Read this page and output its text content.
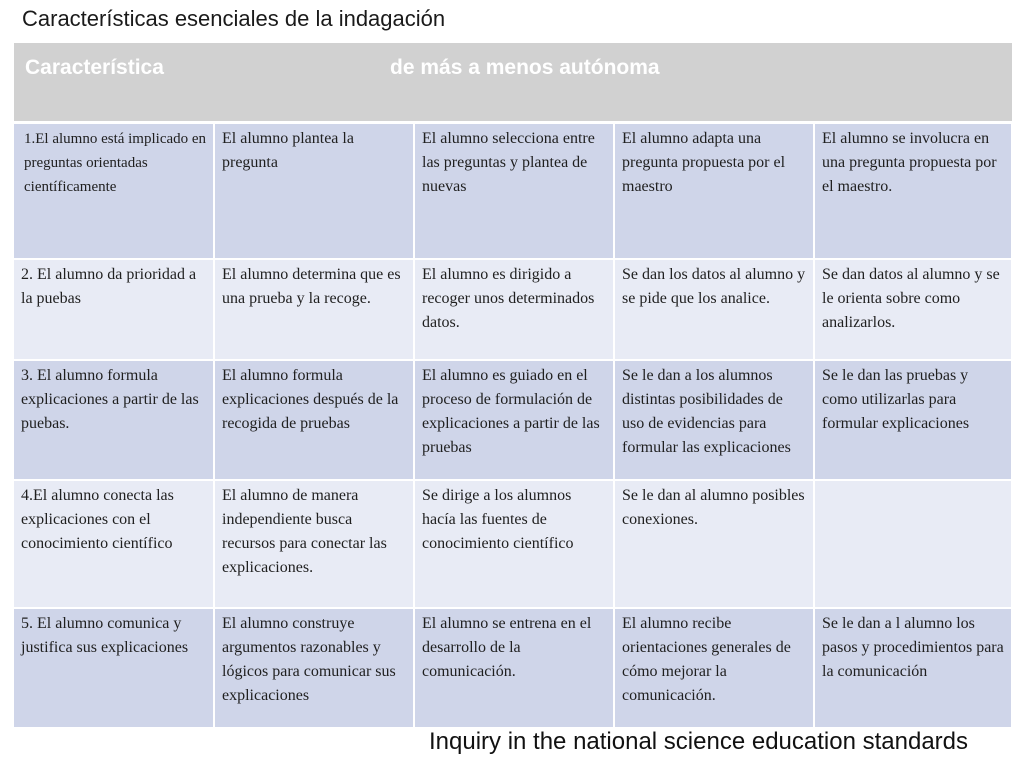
Características esenciales de la indagación
Característica de más a menos autónoma				

1.El alumno está implicado en preguntas orientadas científicamente	El alumno plantea la pregunta	El alumno selecciona entre las preguntas y plantea de nuevas	El alumno adapta una pregunta propuesta por el maestro	El alumno se involucra en una pregunta propuesta por el maestro.
2. El alumno da prioridad a la puebas	El alumno determina que es una prueba y la recoge.	El alumno es dirigido a recoger unos determinados datos.	Se dan los datos al alumno y se pide que los analice.	Se dan datos al alumno y se le orienta sobre como analizarlos.
3. El alumno formula explicaciones a partir de las puebas.	El alumno formula explicaciones después de la recogida de pruebas	El alumno es guiado en el proceso de formulación de explicaciones a partir de las pruebas	Se le dan a los alumnos distintas posibilidades de uso de evidencias para formular las explicaciones	Se le dan las pruebas y como utilizarlas para formular explicaciones
4.El alumno conecta las explicaciones con el conocimiento científico	El alumno de manera independiente busca recursos para conectar las explicaciones.	Se dirige a los alumnos hacía las fuentes de conocimiento científico	Se le dan al alumno posibles conexiones.	
5. El alumno comunica y justifica sus explicaciones	El alumno construye argumentos razonables y lógicos para comunicar sus explicaciones	El alumno se entrena en el desarrollo de la comunicación.	El alumno recibe orientaciones generales de cómo mejorar la comunicación.	Se le dan a l alumno los pasos y procedimientos para la comunicación
Inquiry in the national science education standards
